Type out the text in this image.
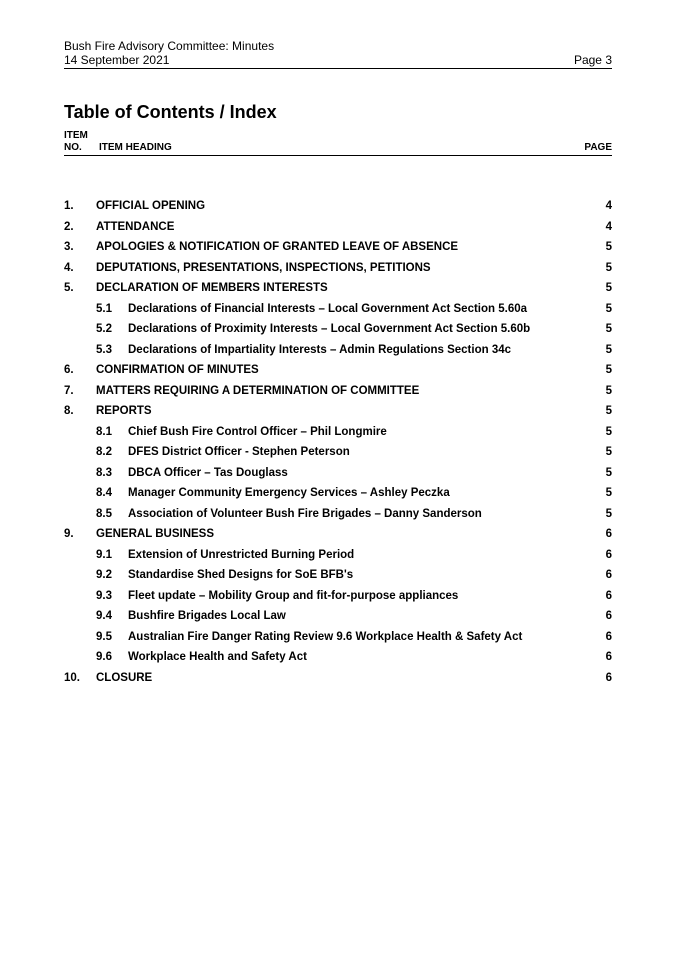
Bush Fire Advisory Committee: Minutes
14 September 2021	Page 3
Table of Contents / Index
ITEM
NO.	ITEM HEADING	PAGE
1. OFFICIAL OPENING	4
2. ATTENDANCE	4
3. APOLOGIES & NOTIFICATION OF GRANTED LEAVE OF ABSENCE	5
4. DEPUTATIONS, PRESENTATIONS, INSPECTIONS, PETITIONS	5
5. DECLARATION OF MEMBERS INTERESTS	5
5.1 Declarations of Financial Interests – Local Government Act Section 5.60a	5
5.2 Declarations of Proximity Interests – Local Government Act Section 5.60b	5
5.3 Declarations of Impartiality Interests – Admin Regulations Section 34c	5
6. CONFIRMATION OF MINUTES	5
7. MATTERS REQUIRING A DETERMINATION OF COMMITTEE	5
8. REPORTS	5
8.1 Chief Bush Fire Control Officer – Phil Longmire	5
8.2 DFES District Officer - Stephen Peterson	5
8.3 DBCA Officer – Tas Douglass	5
8.4 Manager Community Emergency Services – Ashley Peczka	5
8.5 Association of Volunteer Bush Fire Brigades – Danny Sanderson	5
9. GENERAL BUSINESS	6
9.1 Extension of Unrestricted Burning Period	6
9.2 Standardise Shed Designs for SoE BFB's	6
9.3 Fleet update – Mobility Group and fit-for-purpose appliances	6
9.4 Bushfire Brigades Local Law	6
9.5 Australian Fire Danger Rating Review 9.6 Workplace Health & Safety Act	6
9.6 Workplace Health and Safety Act	6
10. CLOSURE	6
